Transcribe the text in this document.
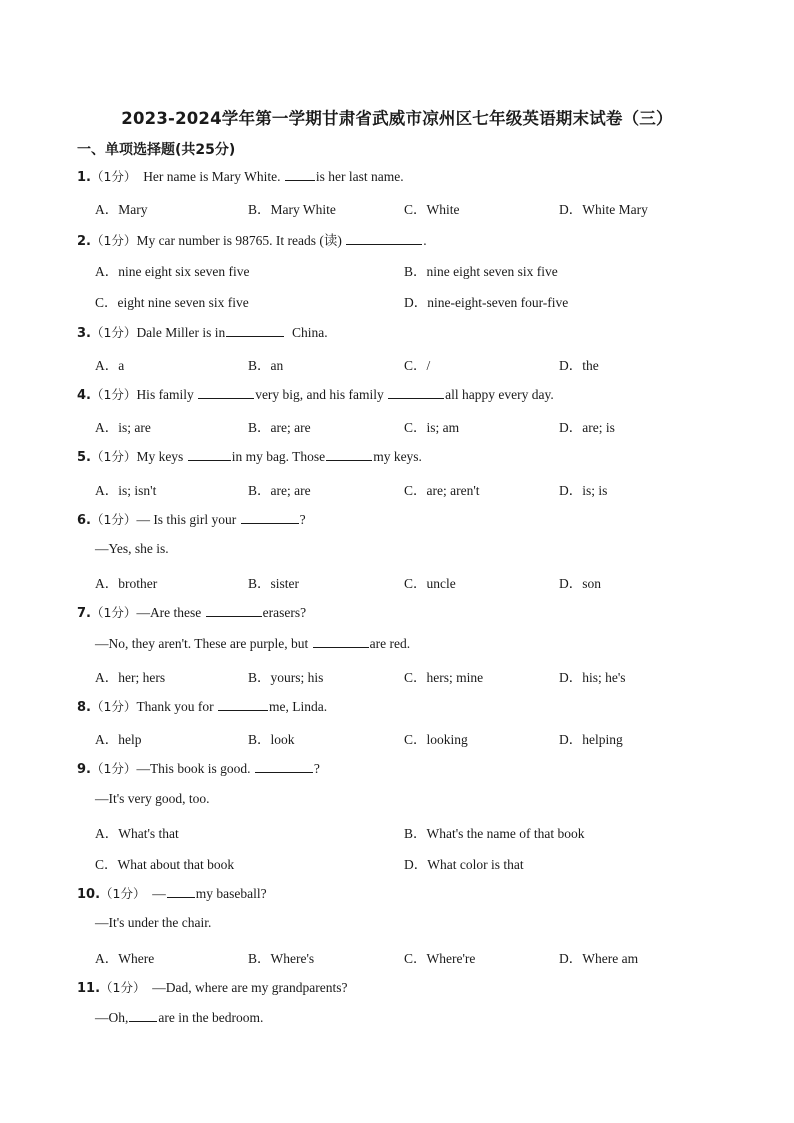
2023-2024学年第一学期甘肃省武威市凉州区七年级英语期末试卷（三）
一、单项选择题(共25分)
1.（1分）  Her name is Mary White. is her last name.
A．Mary	B．Mary White	C．White	D．White Mary
2.（1分）My car number is 98765. It reads (读)	.
A．nine eight six seven five	B．nine eight seven six five
C．eight nine seven six five	D．nine-eight-seven four-five
3.（1分）Dale Miller is in	China.
A．a	B．an	C．/	D．the
4.（1分）His family	very big, and his family	all happy every day.
A．is; are	B．are; are	C．is; am	D．are; is
5.（1分）My keys	in my bag. Those	my keys.
A．is; isn't	B．are; are	C．are; aren't	D．is; is
6.（1分）— Is this girl your	?
—Yes, she is.
A．brother	B．sister	C．uncle	D．son
7.（1分）—Are these	erasers?
—No, they aren't. These are purple, but	are red.
A．her; hers	B．yours; his	C．hers; mine	D．his; he's
8.（1分）Thank you for	me, Linda.
A．help	B．look	C．looking	D．helping
9.（1分）—This book is good.	?
—It's very good, too.
A．What's that	B．What's the name of that book
C．What about that book	D．What color is that
10.（1分）  — my baseball?
—It's under the chair.
A．Where	B．Where's	C．Where're	D．Where am
11.（1分）  —Dad, where are my grandparents?
—Oh, are in the bedroom.
